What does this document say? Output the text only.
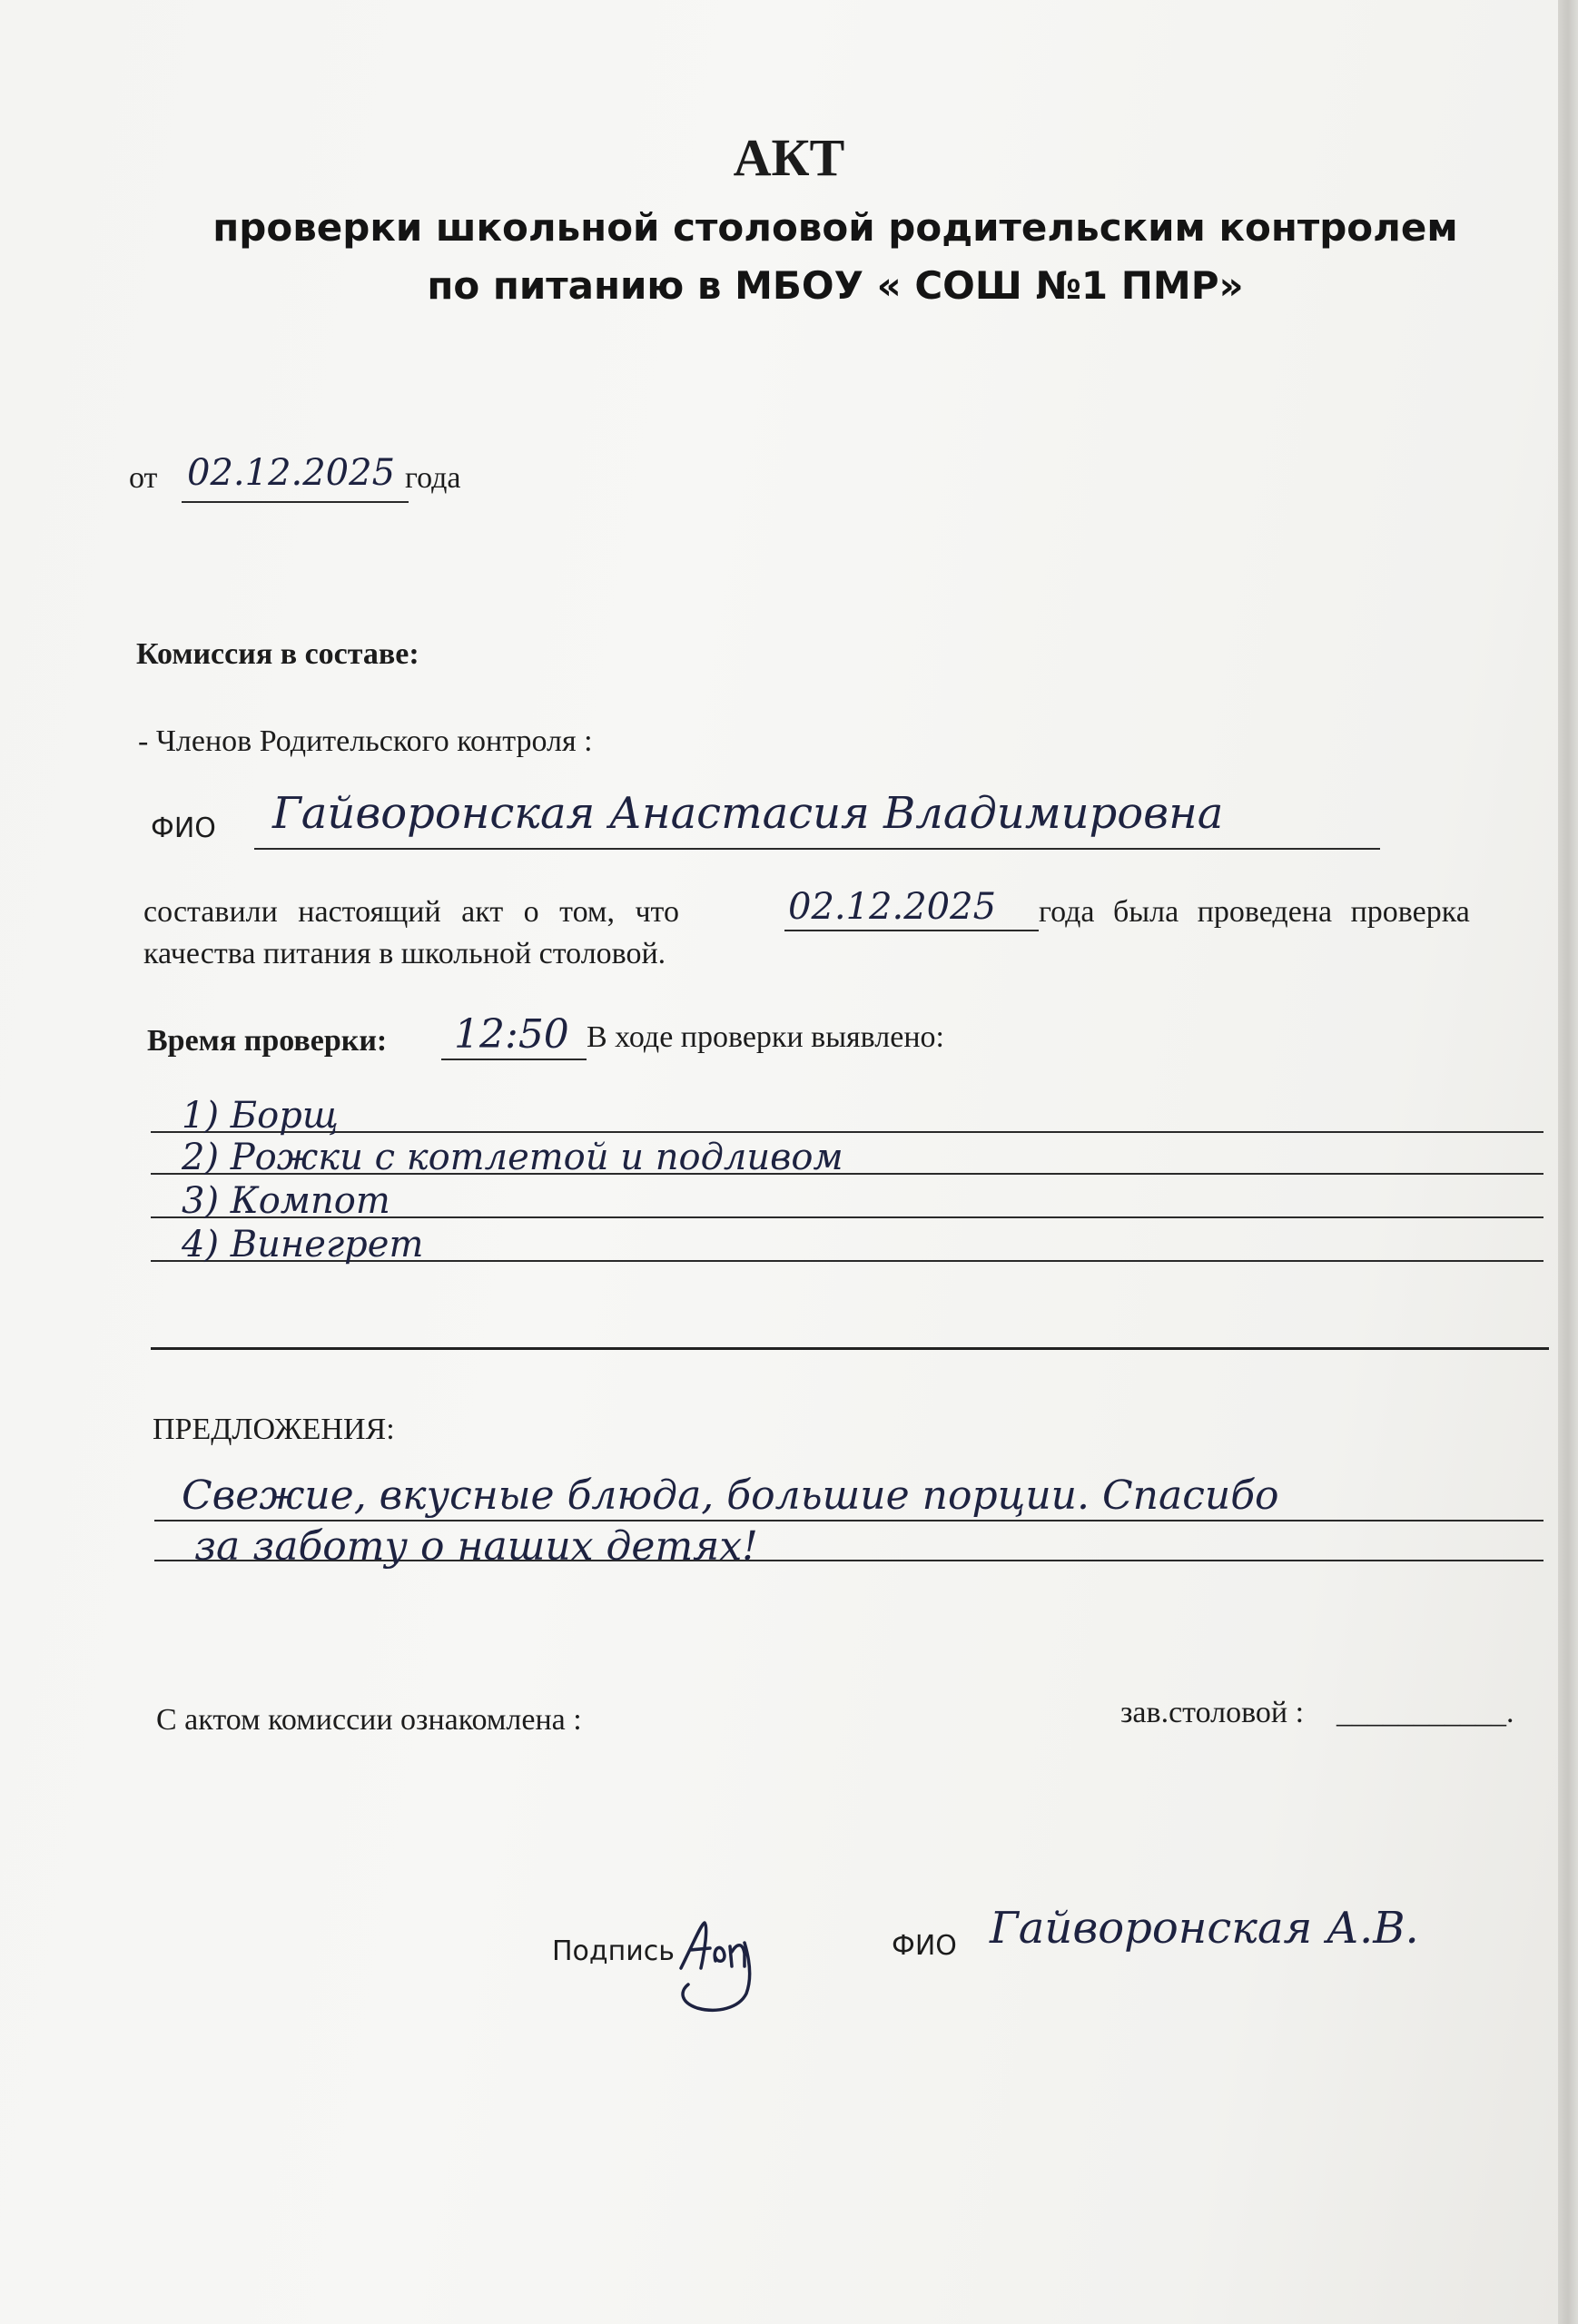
АКТ
проверки школьной столовой родительским контролем
по питанию в МБОУ « СОШ №1 ПМР»
от 02.12.2025 года
Комиссия в составе:
- Членов Родительского контроля :
ФИО Гайворонская Анастасия Владимировна
составили настоящий акт о том, что	02.12.2025 года была проведена проверка
качества питания в школьной столовой.
Время проверки: 12:50 В ходе проверки выявлено:
1) Борщ
2) Рожки с котлетой и подливом
3) Компот
4) Винегрет
ПРЕДЛОЖЕНИЯ:
Свежие, вкусные блюда, большие порции. Спасибо
за заботу о наших детях!
С актом комиссии ознакомлена :	зав.столовой : ___________.
Подпись	ФИО Гайворонская А.В.
